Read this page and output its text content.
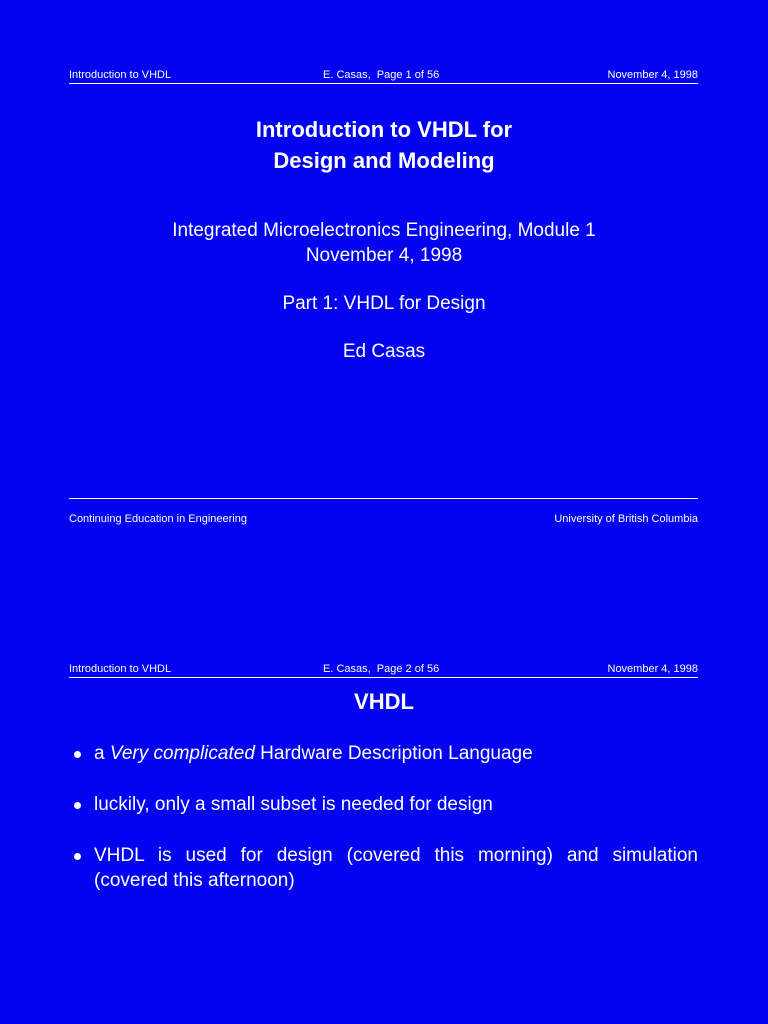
Introduction to VHDL	E. Casas,  Page 1 of 56	November 4, 1998
Introduction to VHDL for
Design and Modeling
Integrated Microelectronics Engineering, Module 1
November 4, 1998
Part 1: VHDL for Design
Ed Casas
Continuing Education in Engineering	University of British Columbia
Introduction to VHDL	E. Casas,  Page 2 of 56	November 4, 1998
VHDL
a Very complicated Hardware Description Language
luckily, only a small subset is needed for design
VHDL is used for design (covered this morning) and simulation (covered this afternoon)
